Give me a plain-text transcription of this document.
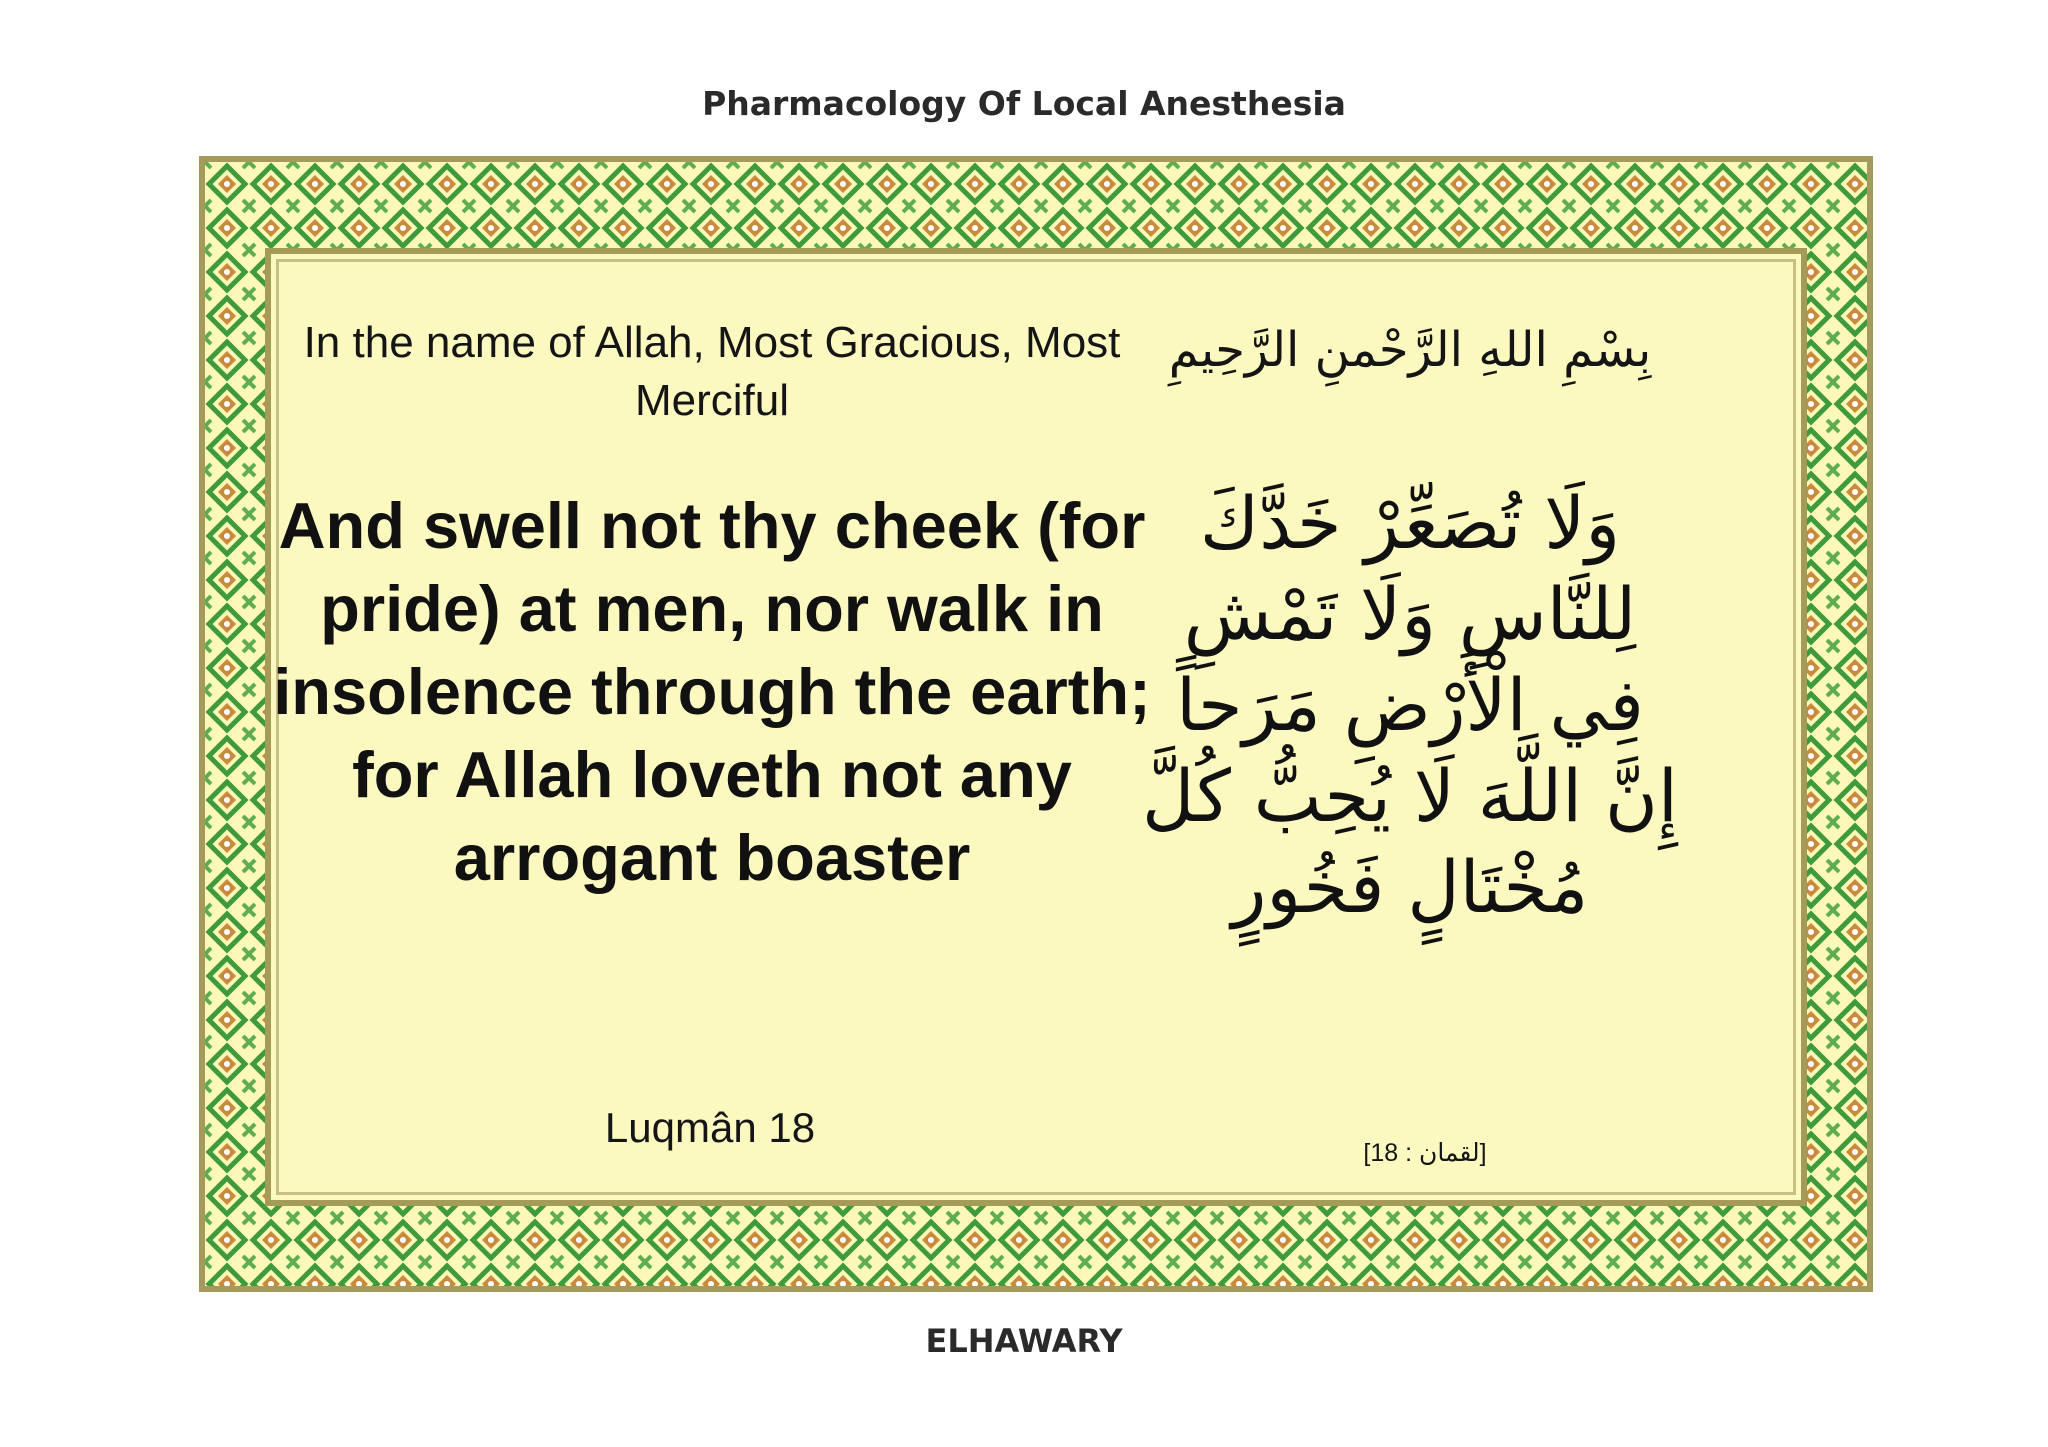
Pharmacology Of Local Anesthesia
In the name of Allah, Most Gracious, Most Merciful
بِسْمِ اللهِ الرَّحْمنِ الرَّحِيمِ
And swell not thy cheek (for pride) at men, nor walk in insolence through the earth; for Allah loveth not any arrogant boaster
وَلَا تُصَعِّرْ خَدَّكَ لِلنَّاسِ وَلَا تَمْشِ فِي الْأَرْضِ مَرَحاً إِنَّ اللَّهَ لَا يُحِبُّ كُلَّ مُخْتَالٍ فَخُورٍ
Luqmân 18
[لقمان : 18]
ELHAWARY
